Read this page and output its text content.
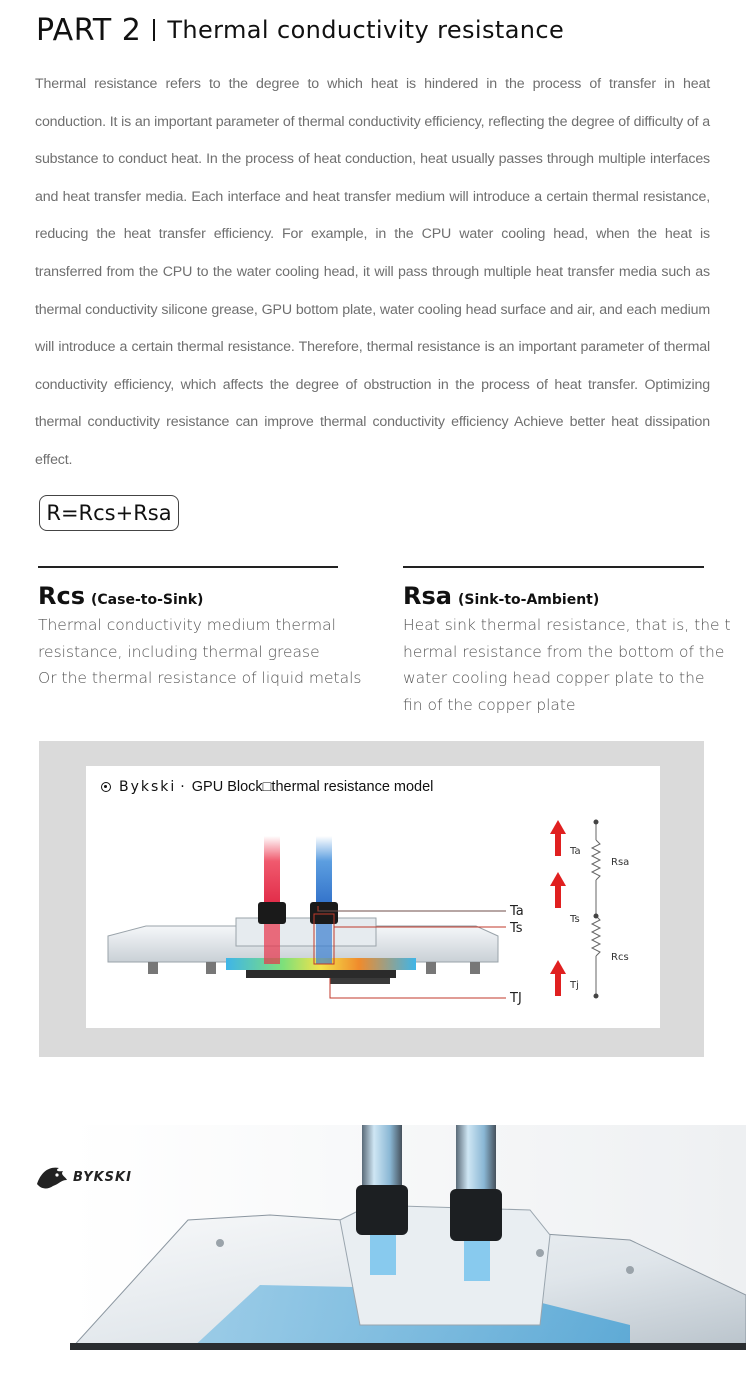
PART 2 Thermal conductivity resistance
Thermal resistance refers to the degree to which heat is hindered in the process of transfer in heat conduction. It is an important parameter of thermal conductivity efficiency, reflecting the degree of difficulty of a substance to conduct heat. In the process of heat conduction, heat usually passes through multiple interfaces and heat transfer media. Each interface and heat transfer medium will introduce a certain thermal resistance, reducing the heat transfer efficiency. For example, in the CPU water cooling head, when the heat is transferred from the CPU to the water cooling head, it will pass through multiple heat transfer media such as thermal conductivity silicone grease, GPU bottom plate, water cooling head surface and air, and each medium will introduce a certain thermal resistance. Therefore, thermal resistance is an important parameter of thermal conductivity efficiency, which affects the degree of obstruction in the process of heat transfer. Optimizing thermal conductivity resistance can improve thermal conductivity efficiency Achieve better heat dissipation effect.
R=Rcs+Rsa
Rcs (Case-to-Sink)
Thermal conductivity medium thermal
resistance, including thermal grease
Or the thermal resistance of liquid metals
Rsa (Sink-to-Ambient)
Heat sink thermal resistance, that is, the t
hermal resistance from the bottom of the
water cooling head copper plate to the
fin of the copper plate
Bykski · GPU Block□thermal resistance model
Ta
Ts
TJ
Ta
Rsa
Ts
Rcs
Tj
BYKSKI
